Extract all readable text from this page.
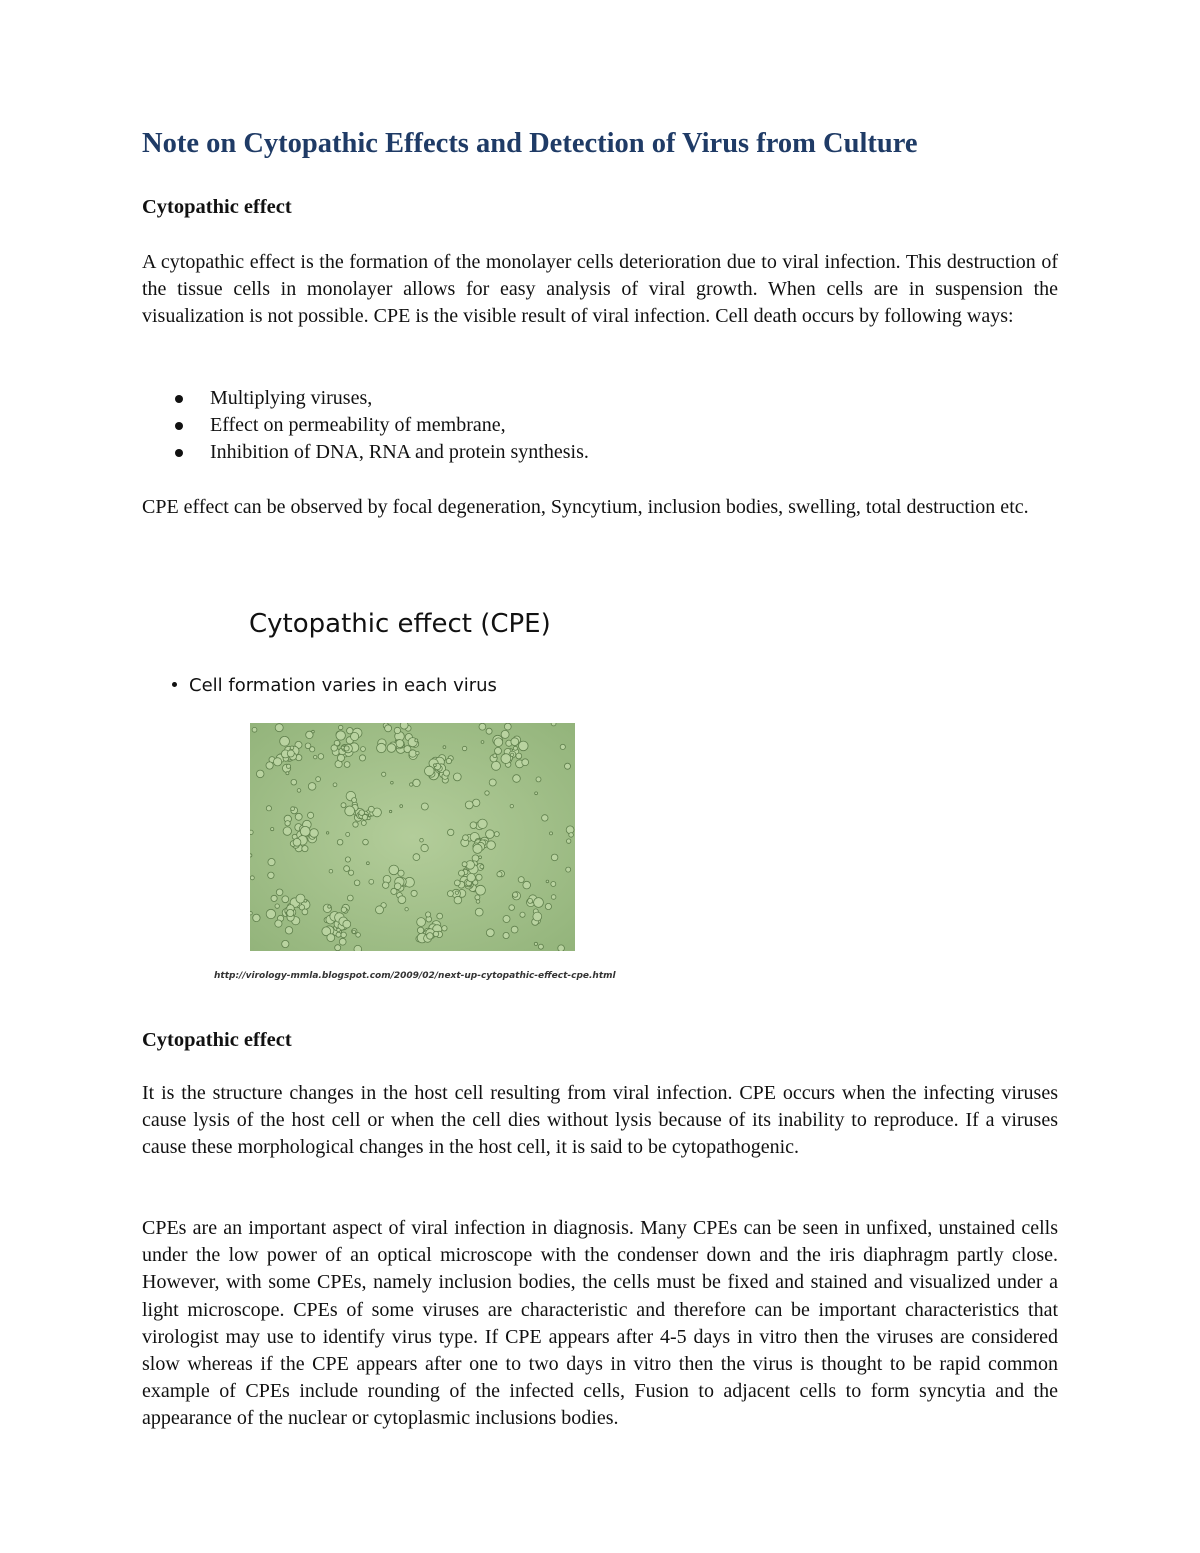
Note on Cytopathic Effects and Detection of Virus from Culture
Cytopathic effect

A cytopathic effect is the formation of the monolayer cells deterioration due to viral infection. This destruction of the tissue cells in monolayer allows for easy analysis of viral growth. When cells are in suspension the visualization is not possible. CPE is the visible result of viral infection. Cell death occurs by following ways:

Multiplying viruses,
Effect on permeability of membrane,
Inhibition of DNA, RNA and protein synthesis.

CPE effect can be observed by focal degeneration, Syncytium, inclusion bodies, swelling, total destruction etc.

Cytopathic effect (CPE)
Cell formation varies in each virus
http://virology-mmla.blogspot.com/2009/02/next-up-cytopathic-effect-cpe.html
Cytopathic effect

It is the structure changes in the host cell resulting from viral infection. CPE occurs when the infecting viruses cause lysis of the host cell or when the cell dies without lysis because of its inability to reproduce. If a viruses cause these morphological changes in the host cell, it is said to be cytopathogenic.

CPEs are an important aspect of viral infection in diagnosis. Many CPEs can be seen in unfixed, unstained cells under the low power of an optical microscope with the condenser down and the iris diaphragm partly close. However, with some CPEs, namely inclusion bodies, the cells must be fixed and stained and visualized under a light microscope. CPEs of some viruses are characteristic and therefore can be important characteristics that virologist may use to identify virus type. If CPE appears after 4-5 days in vitro then the viruses are considered slow whereas if the CPE appears after one to two days in vitro then the virus is thought to be rapid common example of CPEs include rounding of the infected cells, Fusion to adjacent cells to form syncytia and the appearance of the nuclear or cytoplasmic inclusions bodies.
